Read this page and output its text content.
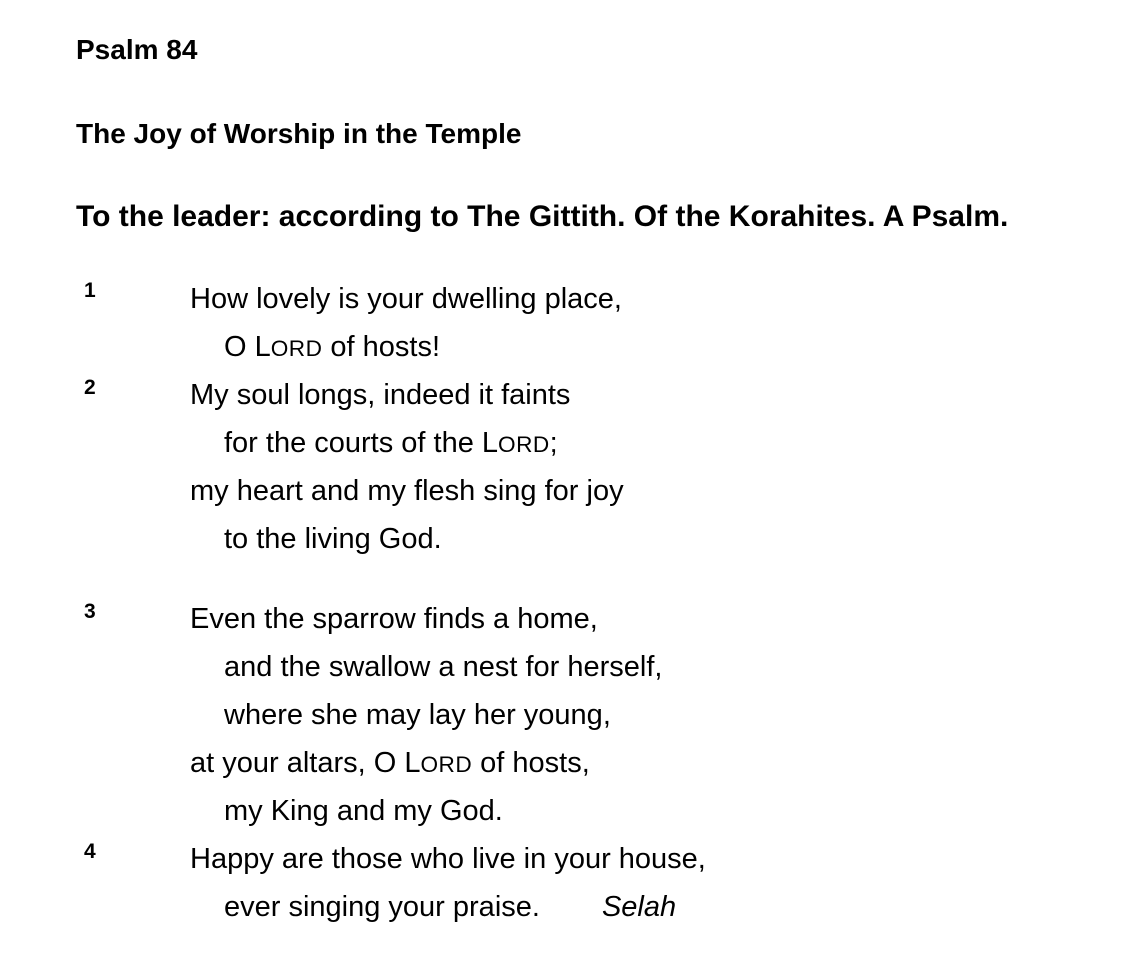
Psalm 84
The Joy of Worship in the Temple
To the leader: according to The Gittith. Of the Korahites. A Psalm.
1	How lovely is your dwelling place,
O LORD of hosts!
2	My soul longs, indeed it faints
for the courts of the LORD;
my heart and my flesh sing for joy
to the living God.
3	Even the sparrow finds a home,
and the swallow a nest for herself,
where she may lay her young,
at your altars, O LORD of hosts,
my King and my God.
4	Happy are those who live in your house,
ever singing your praise. Selah
